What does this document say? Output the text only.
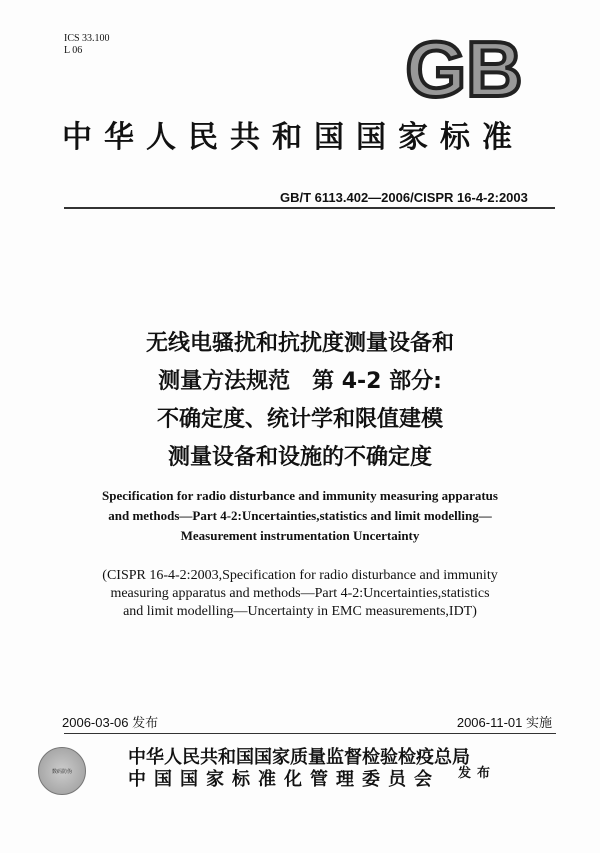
ICS 33.100
L 06	GB
中华人民共和国国家标准
GB/T 6113.402—2006/CISPR 16-4-2:2003
无线电骚扰和抗扰度测量设备和
测量方法规范　第 4-2 部分:
不确定度、统计学和限值建模
测量设备和设施的不确定度
Specification for radio disturbance and immunity measuring apparatus
and methods—Part 4-2:Uncertainties,statistics and limit modelling—
Measurement instrumentation Uncertainty
(CISPR 16-4-2:2003,Specification for radio disturbance and immunity
measuring apparatus and methods—Part 4-2:Uncertainties,statistics
and limit modelling—Uncertainty in EMC measurements,IDT)
2006-03-06 发布	2006-11-01 实施
数码防伪
中华人民共和国国家质量监督检验检疫总局
中国国家标准化管理委员会	发布
